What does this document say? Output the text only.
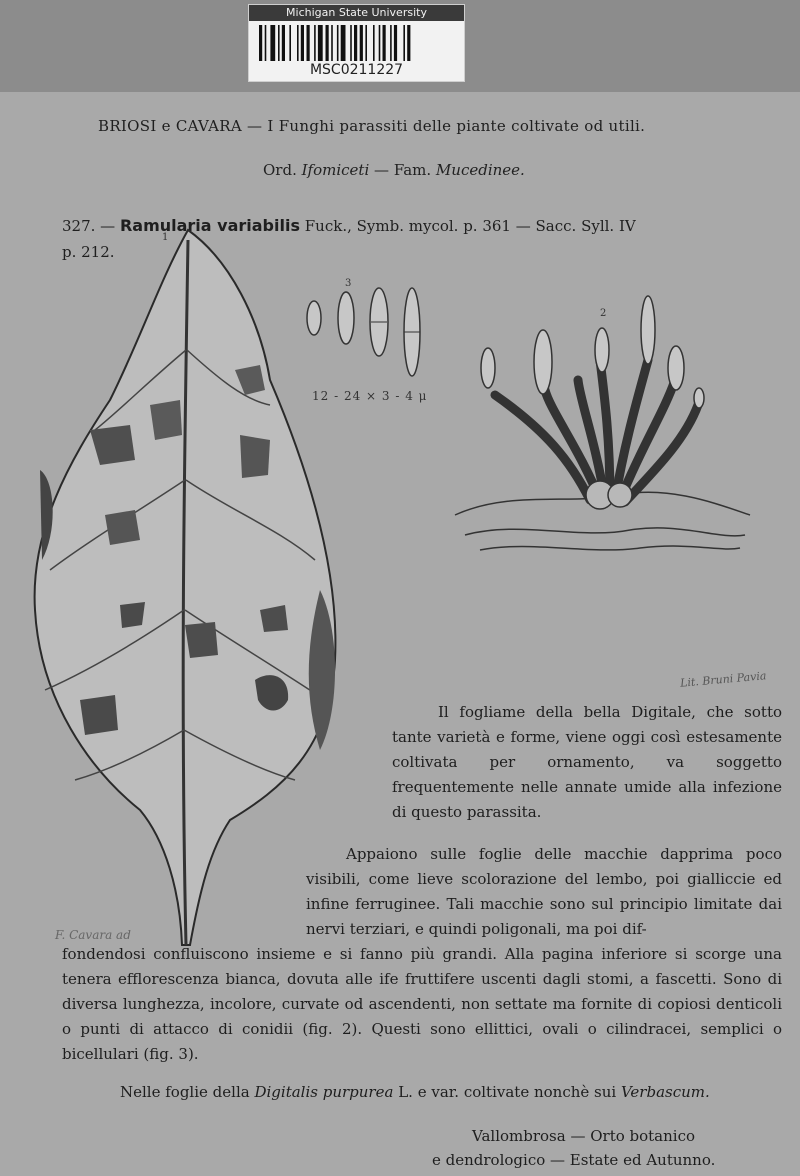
Michigan State University
MSC0211227
BRIOSI e CAVARA — I Funghi parassiti delle piante coltivate od utili.
Ord. Ifomiceti — Fam. Mucedinee.
327. — Ramularia variabilis Fuck., Symb. mycol. p. 361 — Sacc. Syll. IV
p. 212.
1
3
12 - 24 × 3 - 4 μ
2
Lit. Bruni Pavia
F. Cavara ad

Il fogliame della bella Digitale, che sotto tante varietà e forme, viene oggi così estesamente coltivata per ornamento, va soggetto frequentemente nelle annate umide alla infezione di questo parassita.

Appaiono sulle foglie delle macchie dapprima poco visibili, come lieve scolorazione del lembo, poi gialliccie ed infine ferruginee. Tali macchie sono sul principio limitate dai nervi terziari, e quindi poligonali, ma poi dif-

fondendosi confluiscono insieme e si fanno più grandi. Alla pagina inferiore si scorge una tenera efflorescenza bianca, dovuta alle ife fruttifere uscenti dagli stomi, a fascetti. Sono di diversa lunghezza, incolore, curvate od ascendenti, non settate ma fornite di copiosi denticoli o punti di attacco di conidii (fig. 2). Questi sono ellittici, ovali o cilindracei, semplici o bicellulari (fig. 3).

Nelle foglie della Digitalis purpurea L. e var. coltivate nonchè sui Verbascum.

Vallombrosa — Orto botanico
e dendrologico — Estate ed Autunno.
